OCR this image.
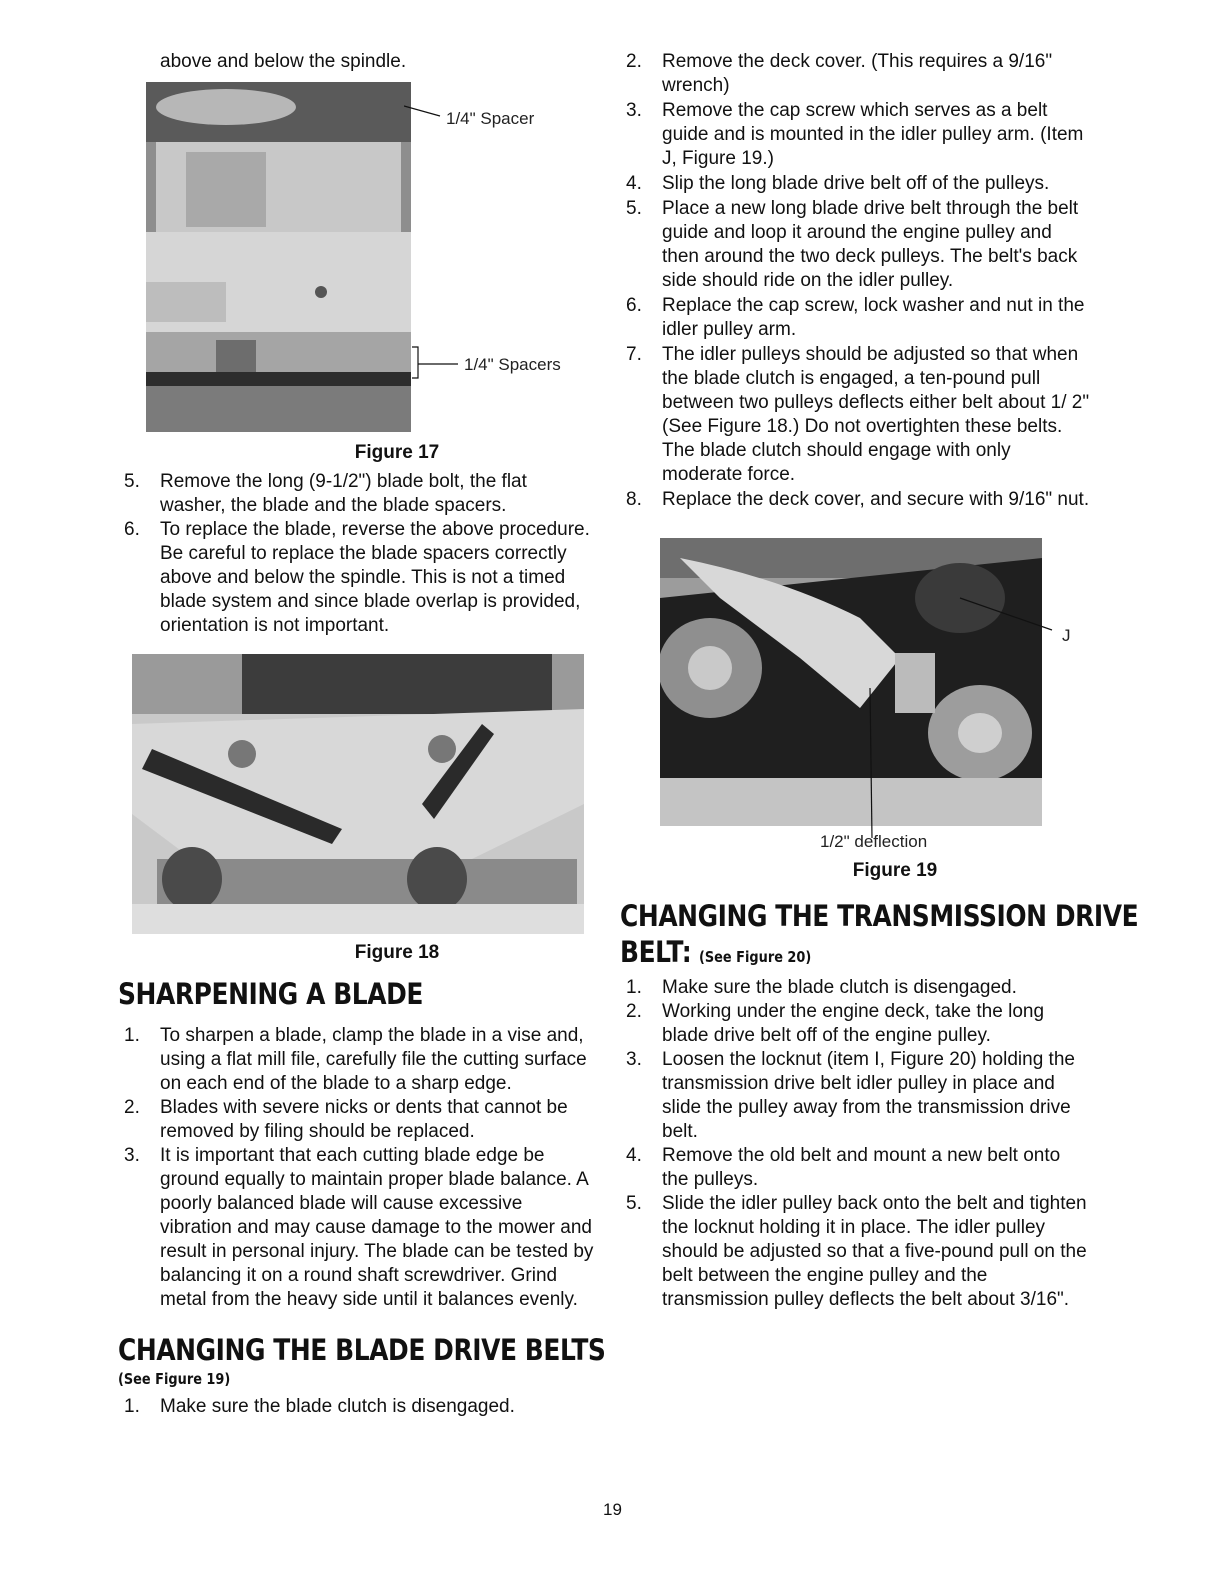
above and below the spindle.

1/4" Spacer
1/4" Spacers
Figure 17
5. Remove the long (9-1/2") blade bolt, the flat washer, the blade and the blade spacers.
6. To replace the blade, reverse the above procedure. Be careful to replace the blade spacers correctly above and below the spindle. This is not a timed blade system and since blade overlap is provided, orientation is not important.
Figure 18
SHARPENING A BLADE
1. To sharpen a blade, clamp the blade in a vise and, using a flat mill file, carefully file the cutting surface on each end of the blade to a sharp edge.
2. Blades with severe nicks or dents that cannot be removed by filing should be replaced.
3. It is important that each cutting blade edge be ground equally to maintain proper blade balance. A poorly balanced blade will cause excessive vibration and may cause damage to the mower and result in personal injury. The blade can be tested by balancing it on a round shaft screwdriver. Grind metal from the heavy side until it balances evenly.
CHANGING THE BLADE DRIVE BELTS
(See Figure 19)
1. Make sure the blade clutch is disengaged.
2. Remove the deck cover. (This requires a 9/16" wrench)
3. Remove the cap screw which serves as a belt guide and is mounted in the idler pulley arm. (Item J, Figure 19.)
4. Slip the long blade drive belt off of the pulleys.
5. Place a new long blade drive belt through the belt guide and loop it around the engine pulley and then around the two deck pulleys. The belt's back side should ride on the idler pulley.
6. Replace the cap screw, lock washer and nut in the idler pulley arm.
7. The idler pulleys should be adjusted so that when the blade clutch is engaged, a ten-pound pull between two pulleys deflects either belt about 1/ 2" (See Figure 18.) Do not overtighten these belts. The blade clutch should engage with only moderate force.
8. Replace the deck cover, and secure with 9/16" nut.
J
1/2" deflection
Figure 19
CHANGING THE TRANSMISSION DRIVE
BELT: (See Figure 20)
1. Make sure the blade clutch is disengaged.
2. Working under the engine deck, take the long blade drive belt off of the engine pulley.
3. Loosen the locknut (item I, Figure 20) holding the transmission drive belt idler pulley in place and slide the pulley away from the transmission drive belt.
4. Remove the old belt and mount a new belt onto the pulleys.
5. Slide the idler pulley back onto the belt and tighten the locknut holding it in place. The idler pulley should be adjusted so that a five-pound pull on the belt between the engine pulley and the transmission pulley deflects the belt about 3/16".
19
